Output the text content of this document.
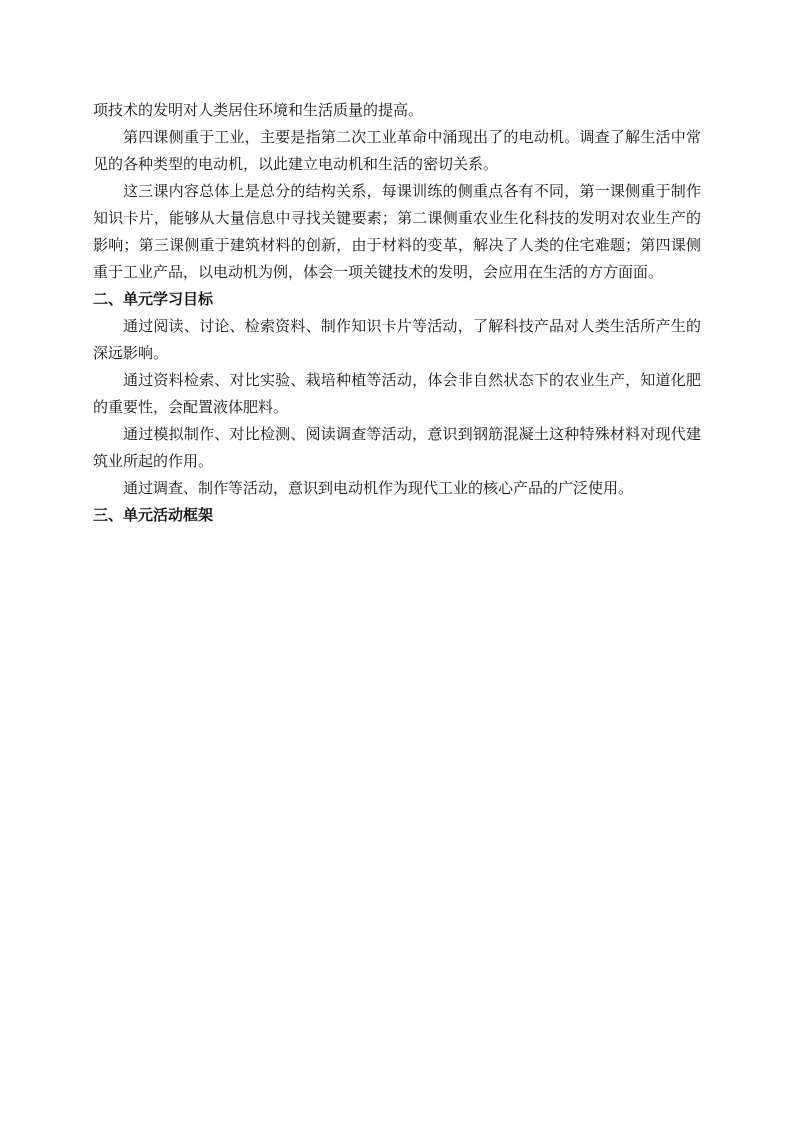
项技术的发明对人类居住环境和生活质量的提高。

第四课侧重于工业，主要是指第二次工业革命中涌现出了的电动机。调查了解生活中常见的各种类型的电动机，以此建立电动机和生活的密切关系。

这三课内容总体上是总分的结构关系，每课训练的侧重点各有不同，第一课侧重于制作知识卡片，能够从大量信息中寻找关键要素；第二课侧重农业生化科技的发明对农业生产的影响；第三课侧重于建筑材料的创新，由于材料的变革，解决了人类的住宅难题；第四课侧重于工业产品，以电动机为例，体会一项关键技术的发明，会应用在生活的方方面面。

二、单元学习目标

通过阅读、讨论、检索资料、制作知识卡片等活动，了解科技产品对人类生活所产生的深远影响。

通过资料检索、对比实验、栽培种植等活动，体会非自然状态下的农业生产，知道化肥的重要性，会配置液体肥料。

通过模拟制作、对比检测、阅读调查等活动，意识到钢筋混凝土这种特殊材料对现代建筑业所起的作用。

通过调查、制作等活动，意识到电动机作为现代工业的核心产品的广泛使用。

三、单元活动框架
